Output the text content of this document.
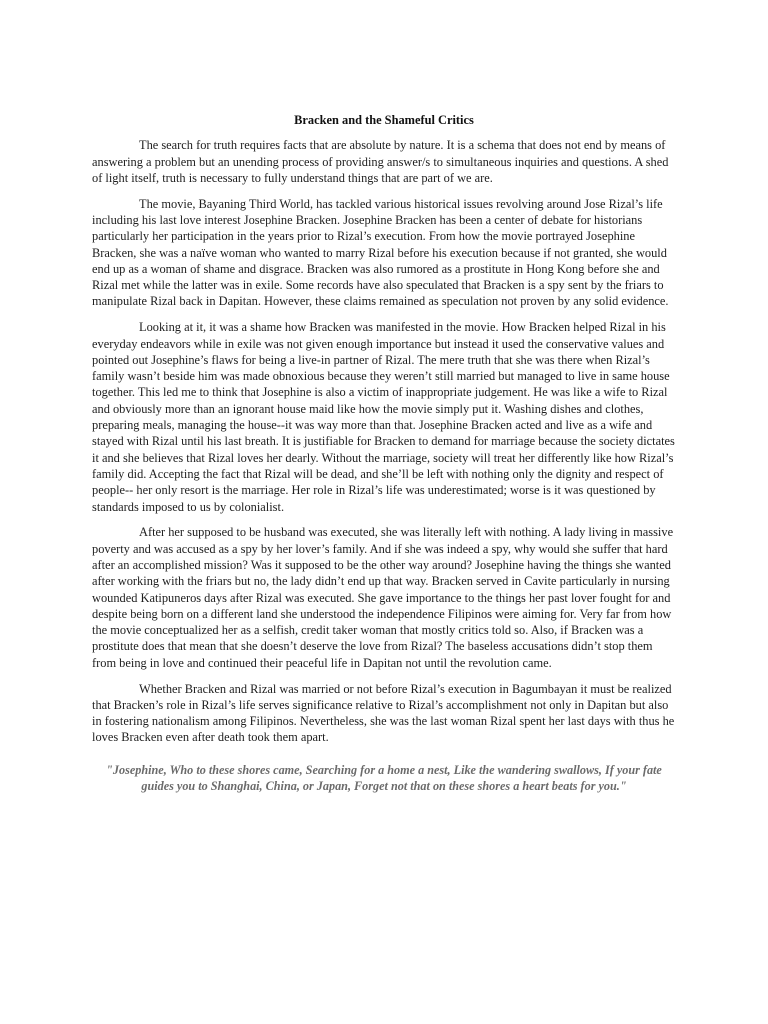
Bracken and the Shameful Critics

The search for truth requires facts that are absolute by nature. It is a schema that does not end by means of answering a problem but an unending process of providing answer/s to simultaneous inquiries and questions. A shed of light itself, truth is necessary to fully understand things that are part of we are.

The movie, Bayaning Third World, has tackled various historical issues revolving around Jose Rizal’s life including his last love interest Josephine Bracken. Josephine Bracken has been a center of debate for historians particularly her participation in the years prior to Rizal’s execution. From how the movie portrayed Josephine Bracken, she was a naïve woman who wanted to marry Rizal before his execution because if not granted, she would end up as a woman of shame and disgrace. Bracken was also rumored as a prostitute in Hong Kong before she and Rizal met while the latter was in exile. Some records have also speculated that Bracken is a spy sent by the friars to manipulate Rizal back in Dapitan. However, these claims remained as speculation not proven by any solid evidence.

Looking at it, it was a shame how Bracken was manifested in the movie. How Bracken helped Rizal in his everyday endeavors while in exile was not given enough importance but instead it used the conservative values and pointed out Josephine’s flaws for being a live-in partner of Rizal. The mere truth that she was there when Rizal’s family wasn’t beside him was made obnoxious because they weren’t still married but managed to live in same house together. This led me to think that Josephine is also a victim of inappropriate judgement. He was like a wife to Rizal and obviously more than an ignorant house maid like how the movie simply put it. Washing dishes and clothes, preparing meals, managing the house--it was way more than that. Josephine Bracken acted and live as a wife and stayed with Rizal until his last breath. It is justifiable for Bracken to demand for marriage because the society dictates it and she believes that Rizal loves her dearly. Without the marriage, society will treat her differently like how Rizal’s family did. Accepting the fact that Rizal will be dead, and she’ll be left with nothing only the dignity and respect of people-- her only resort is the marriage. Her role in Rizal’s life was underestimated; worse is it was questioned by standards imposed to us by colonialist.

After her supposed to be husband was executed, she was literally left with nothing. A lady living in massive poverty and was accused as a spy by her lover’s family. And if she was indeed a spy, why would she suffer that hard after an accomplished mission? Was it supposed to be the other way around? Josephine having the things she wanted after working with the friars but no, the lady didn’t end up that way. Bracken served in Cavite particularly in nursing wounded Katipuneros days after Rizal was executed. She gave importance to the things her past lover fought for and despite being born on a different land she understood the independence Filipinos were aiming for. Very far from how the movie conceptualized her as a selfish, credit taker woman that mostly critics told so. Also, if Bracken was a prostitute does that mean that she doesn’t deserve the love from Rizal? The baseless accusations didn’t stop them from being in love and continued their peaceful life in Dapitan not until the revolution came.

Whether Bracken and Rizal was married or not before Rizal’s execution in Bagumbayan it must be realized that Bracken’s role in Rizal’s life serves significance relative to Rizal’s accomplishment not only in Dapitan but also in fostering nationalism among Filipinos. Nevertheless, she was the last woman Rizal spent her last days with thus he loves Bracken even after death took them apart.

"Josephine, Who to these shores came, Searching for a home a nest, Like the wandering swallows, If your fate guides you to Shanghai, China, or Japan, Forget not that on these shores a heart beats for you."
